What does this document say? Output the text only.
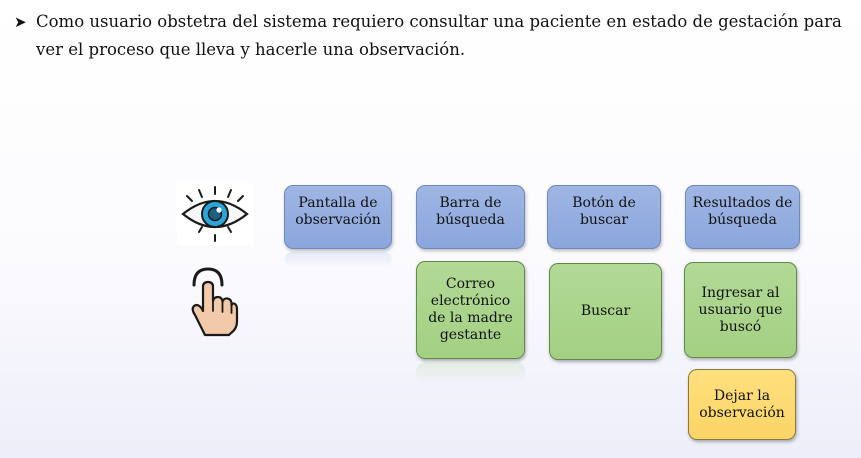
➤ Como usuario obstetra del sistema requiero consultar una paciente en estado de gestación para ver el proceso que lleva y hacerle una observación.
Pantalla de observación
Barra de búsqueda
Botón de buscar
Resultados de búsqueda
Correo electrónico de la madre gestante
Buscar
Ingresar al usuario que buscó
Dejar la observación
